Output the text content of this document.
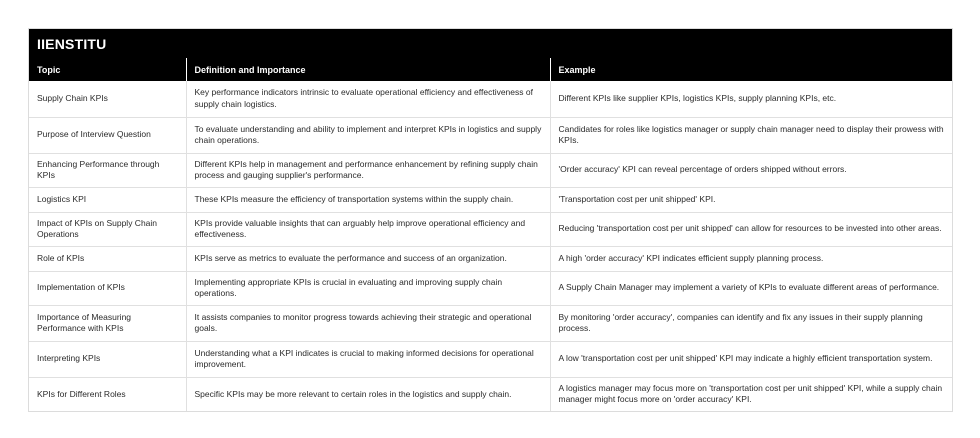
IIENSTITU
Topic	Definition and Importance	Example
Supply Chain KPIs	Key performance indicators intrinsic to evaluate operational efficiency and effectiveness of supply chain logistics.	Different KPIs like supplier KPIs, logistics KPIs, supply planning KPIs, etc.
Purpose of Interview Question	To evaluate understanding and ability to implement and interpret KPIs in logistics and supply chain operations.	Candidates for roles like logistics manager or supply chain manager need to display their prowess with KPIs.
Enhancing Performance through KPIs	Different KPIs help in management and performance enhancement by refining supply chain process and gauging supplier's performance.	'Order accuracy' KPI can reveal percentage of orders shipped without errors.
Logistics KPI	These KPIs measure the efficiency of transportation systems within the supply chain.	'Transportation cost per unit shipped' KPI.
Impact of KPIs on Supply Chain Operations	KPIs provide valuable insights that can arguably help improve operational efficiency and effectiveness.	Reducing 'transportation cost per unit shipped' can allow for resources to be invested into other areas.
Role of KPIs	KPIs serve as metrics to evaluate the performance and success of an organization.	A high 'order accuracy' KPI indicates efficient supply planning process.
Implementation of KPIs	Implementing appropriate KPIs is crucial in evaluating and improving supply chain operations.	A Supply Chain Manager may implement a variety of KPIs to evaluate different areas of performance.
Importance of Measuring Performance with KPIs	It assists companies to monitor progress towards achieving their strategic and operational goals.	By monitoring 'order accuracy', companies can identify and fix any issues in their supply planning process.
Interpreting KPIs	Understanding what a KPI indicates is crucial to making informed decisions for operational improvement.	A low 'transportation cost per unit shipped' KPI may indicate a highly efficient transportation system.
KPIs for Different Roles	Specific KPIs may be more relevant to certain roles in the logistics and supply chain.	A logistics manager may focus more on 'transportation cost per unit shipped' KPI, while a supply chain manager might focus more on 'order accuracy' KPI.
